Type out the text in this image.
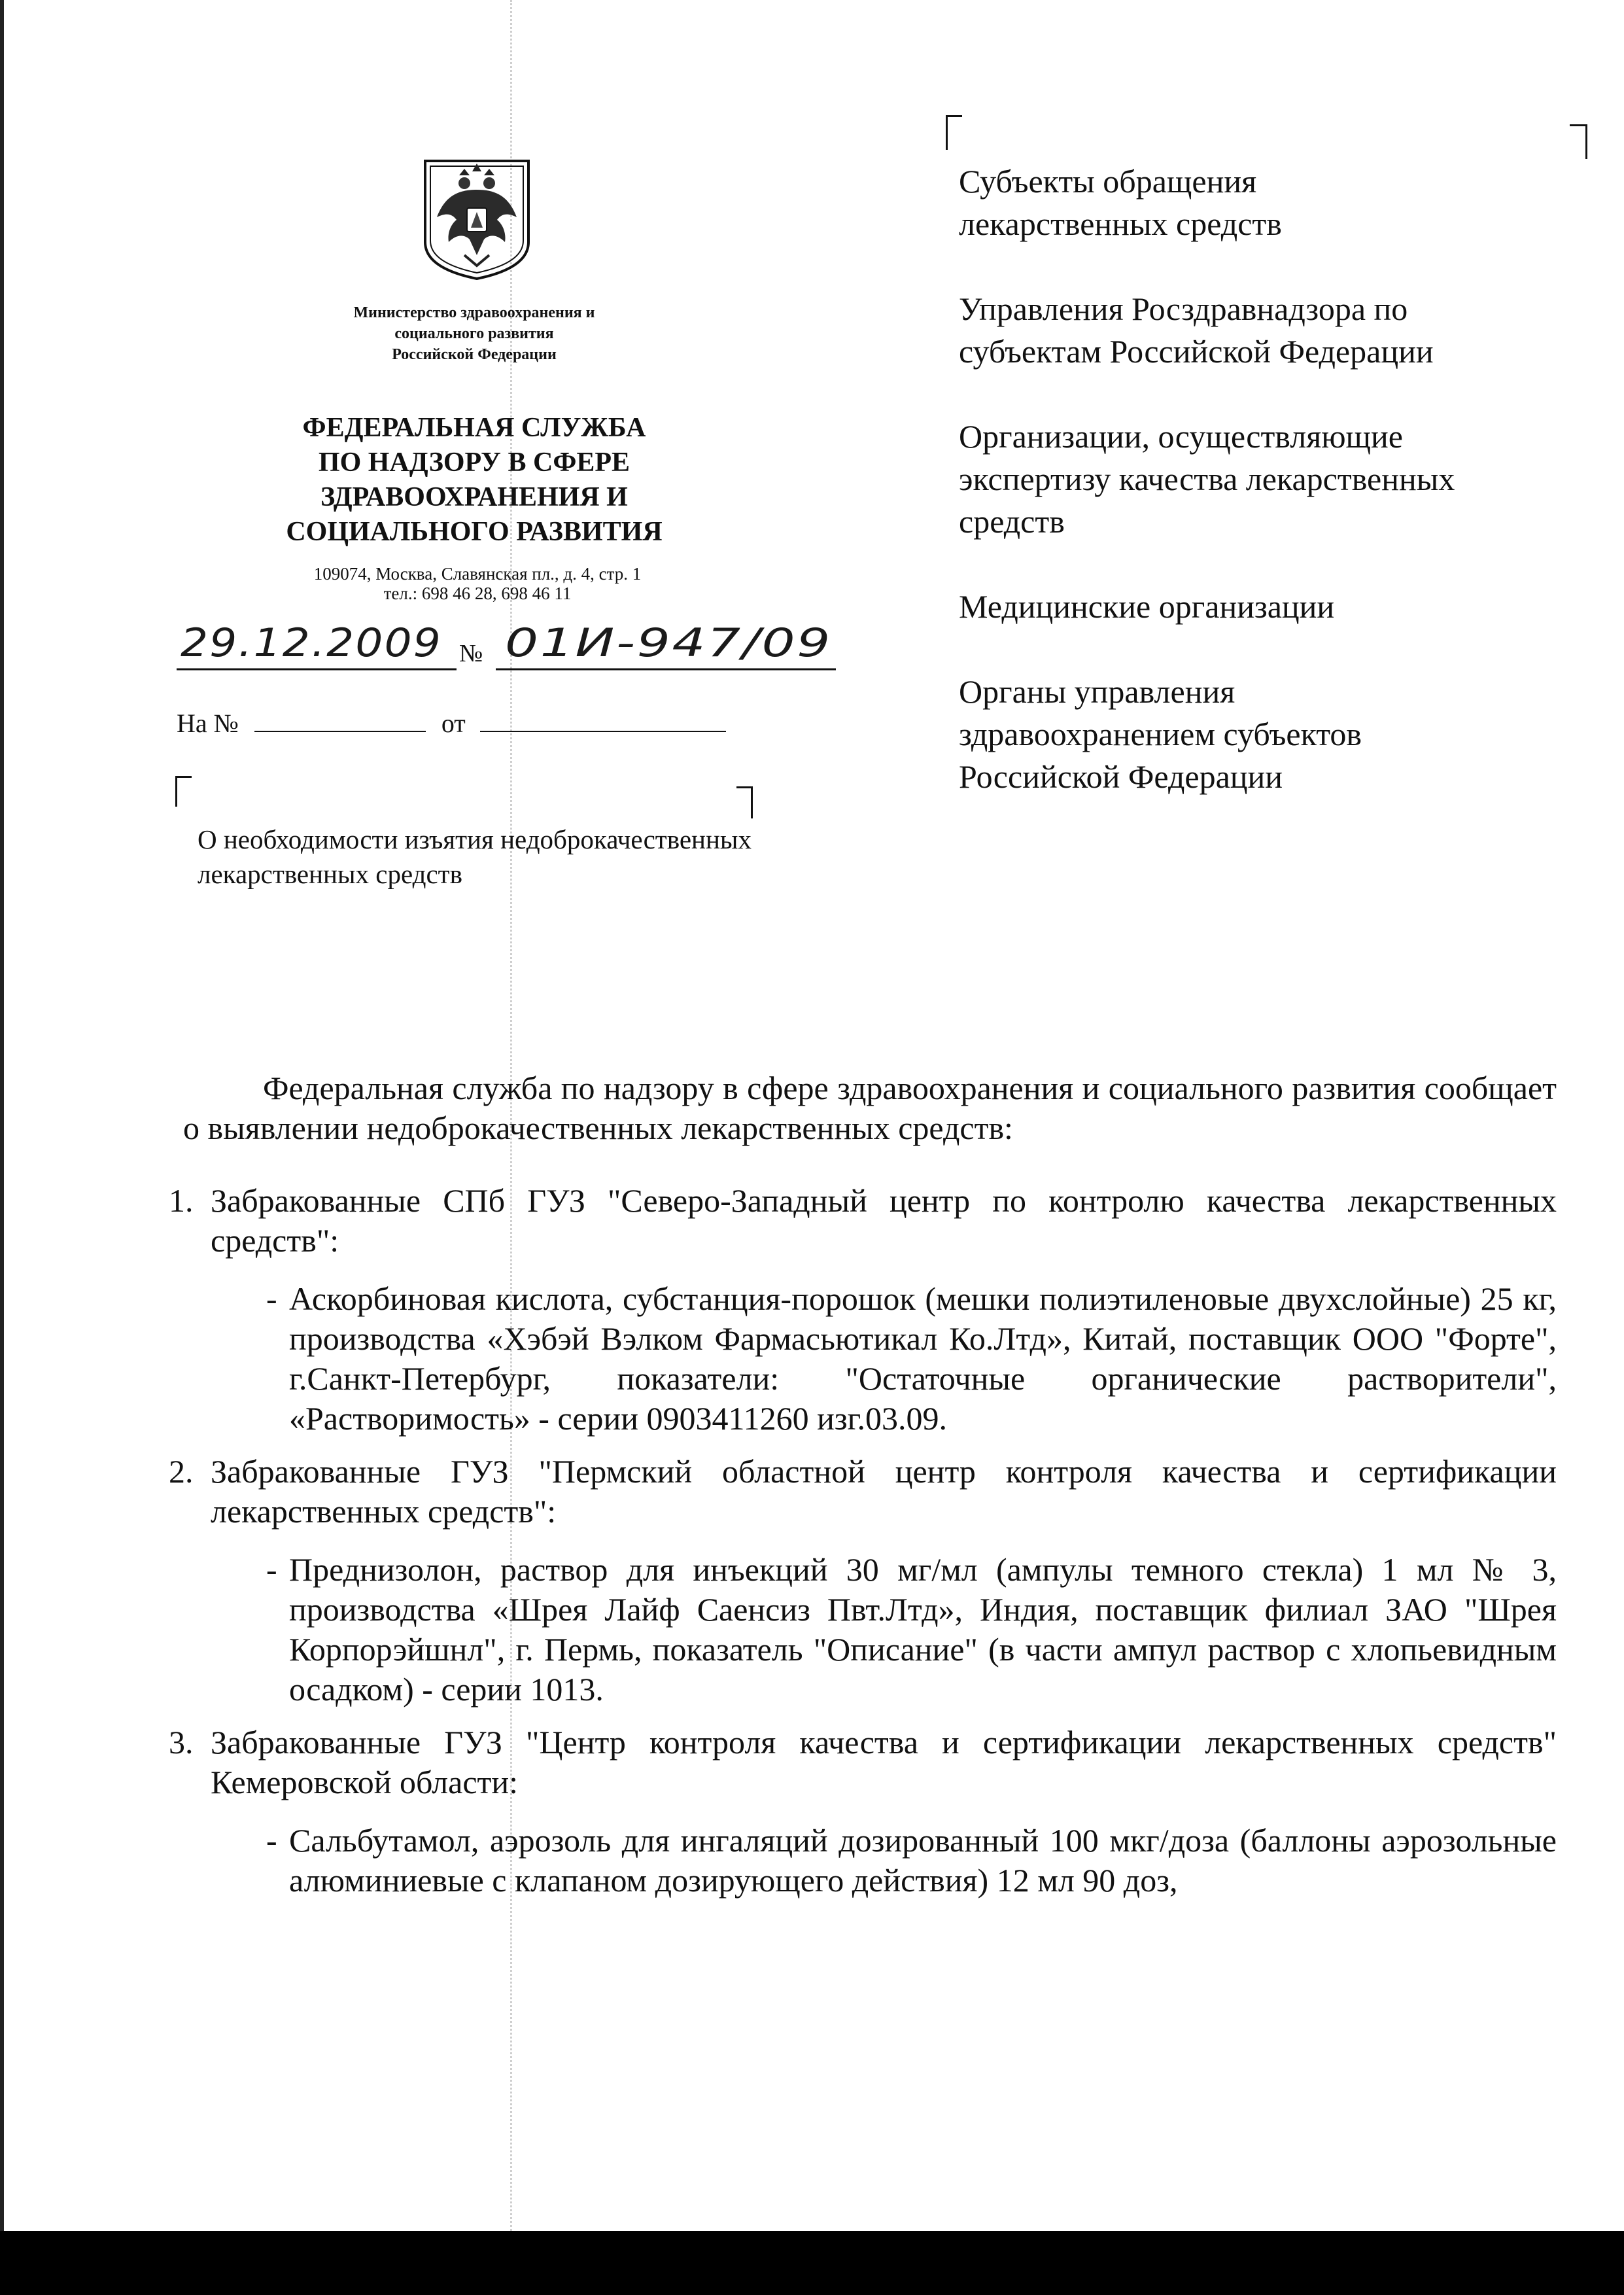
Министерство здравоохранения и
социального развития
Российской Федерации
ФЕДЕРАЛЬНАЯ СЛУЖБА
ПО НАДЗОРУ В СФЕРЕ
ЗДРАВООХРАНЕНИЯ И
СОЦИАЛЬНОГО РАЗВИТИЯ
109074, Москва, Славянская пл., д. 4, стр. 1
тел.: 698 46 28, 698 46 11
29.12.2009 № 01И-947/09
На №	от
О необходимости изъятия недоброкачественных лекарственных средств
Субъекты обращения
лекарственных средств
Управления Росздравнадзора по
субъектам Российской Федерации
Организации, осуществляющие
экспертизу качества лекарственных
средств
Медицинские организации
Органы управления
здравоохранением субъектов
Российской Федерации

Федеральная служба по надзору в сфере здравоохранения и социального развития сообщает о выявлении недоброкачественных лекарственных средств:

1. Забракованные СПб ГУЗ "Северо-Западный центр по контролю качества лекарственных средств":
- Аскорбиновая кислота, субстанция-порошок (мешки полиэтиленовые двухслойные) 25 кг, производства «Хэбэй Вэлком Фармасьютикал Ко.Лтд», Китай, поставщик ООО "Форте", г.Санкт-Петербург, показатели: "Остаточные органические растворители", «Растворимость» - серии 0903411260 изг.03.09.
2. Забракованные ГУЗ "Пермский областной центр контроля качества и сертификации лекарственных средств":
- Преднизолон, раствор для инъекций 30 мг/мл (ампулы темного стекла) 1 мл № 3, производства «Шрея Лайф Саенсиз Пвт.Лтд», Индия, поставщик филиал ЗАО "Шрея Корпорэйшнл", г. Пермь, показатель "Описание" (в части ампул раствор с хлопьевидным осадком) - серии 1013.
3. Забракованные ГУЗ "Центр контроля качества и сертификации лекарственных средств" Кемеровской области:
- Сальбутамол, аэрозоль для ингаляций дозированный 100 мкг/доза (баллоны аэрозольные алюминиевые с клапаном дозирующего действия) 12 мл 90 доз,
